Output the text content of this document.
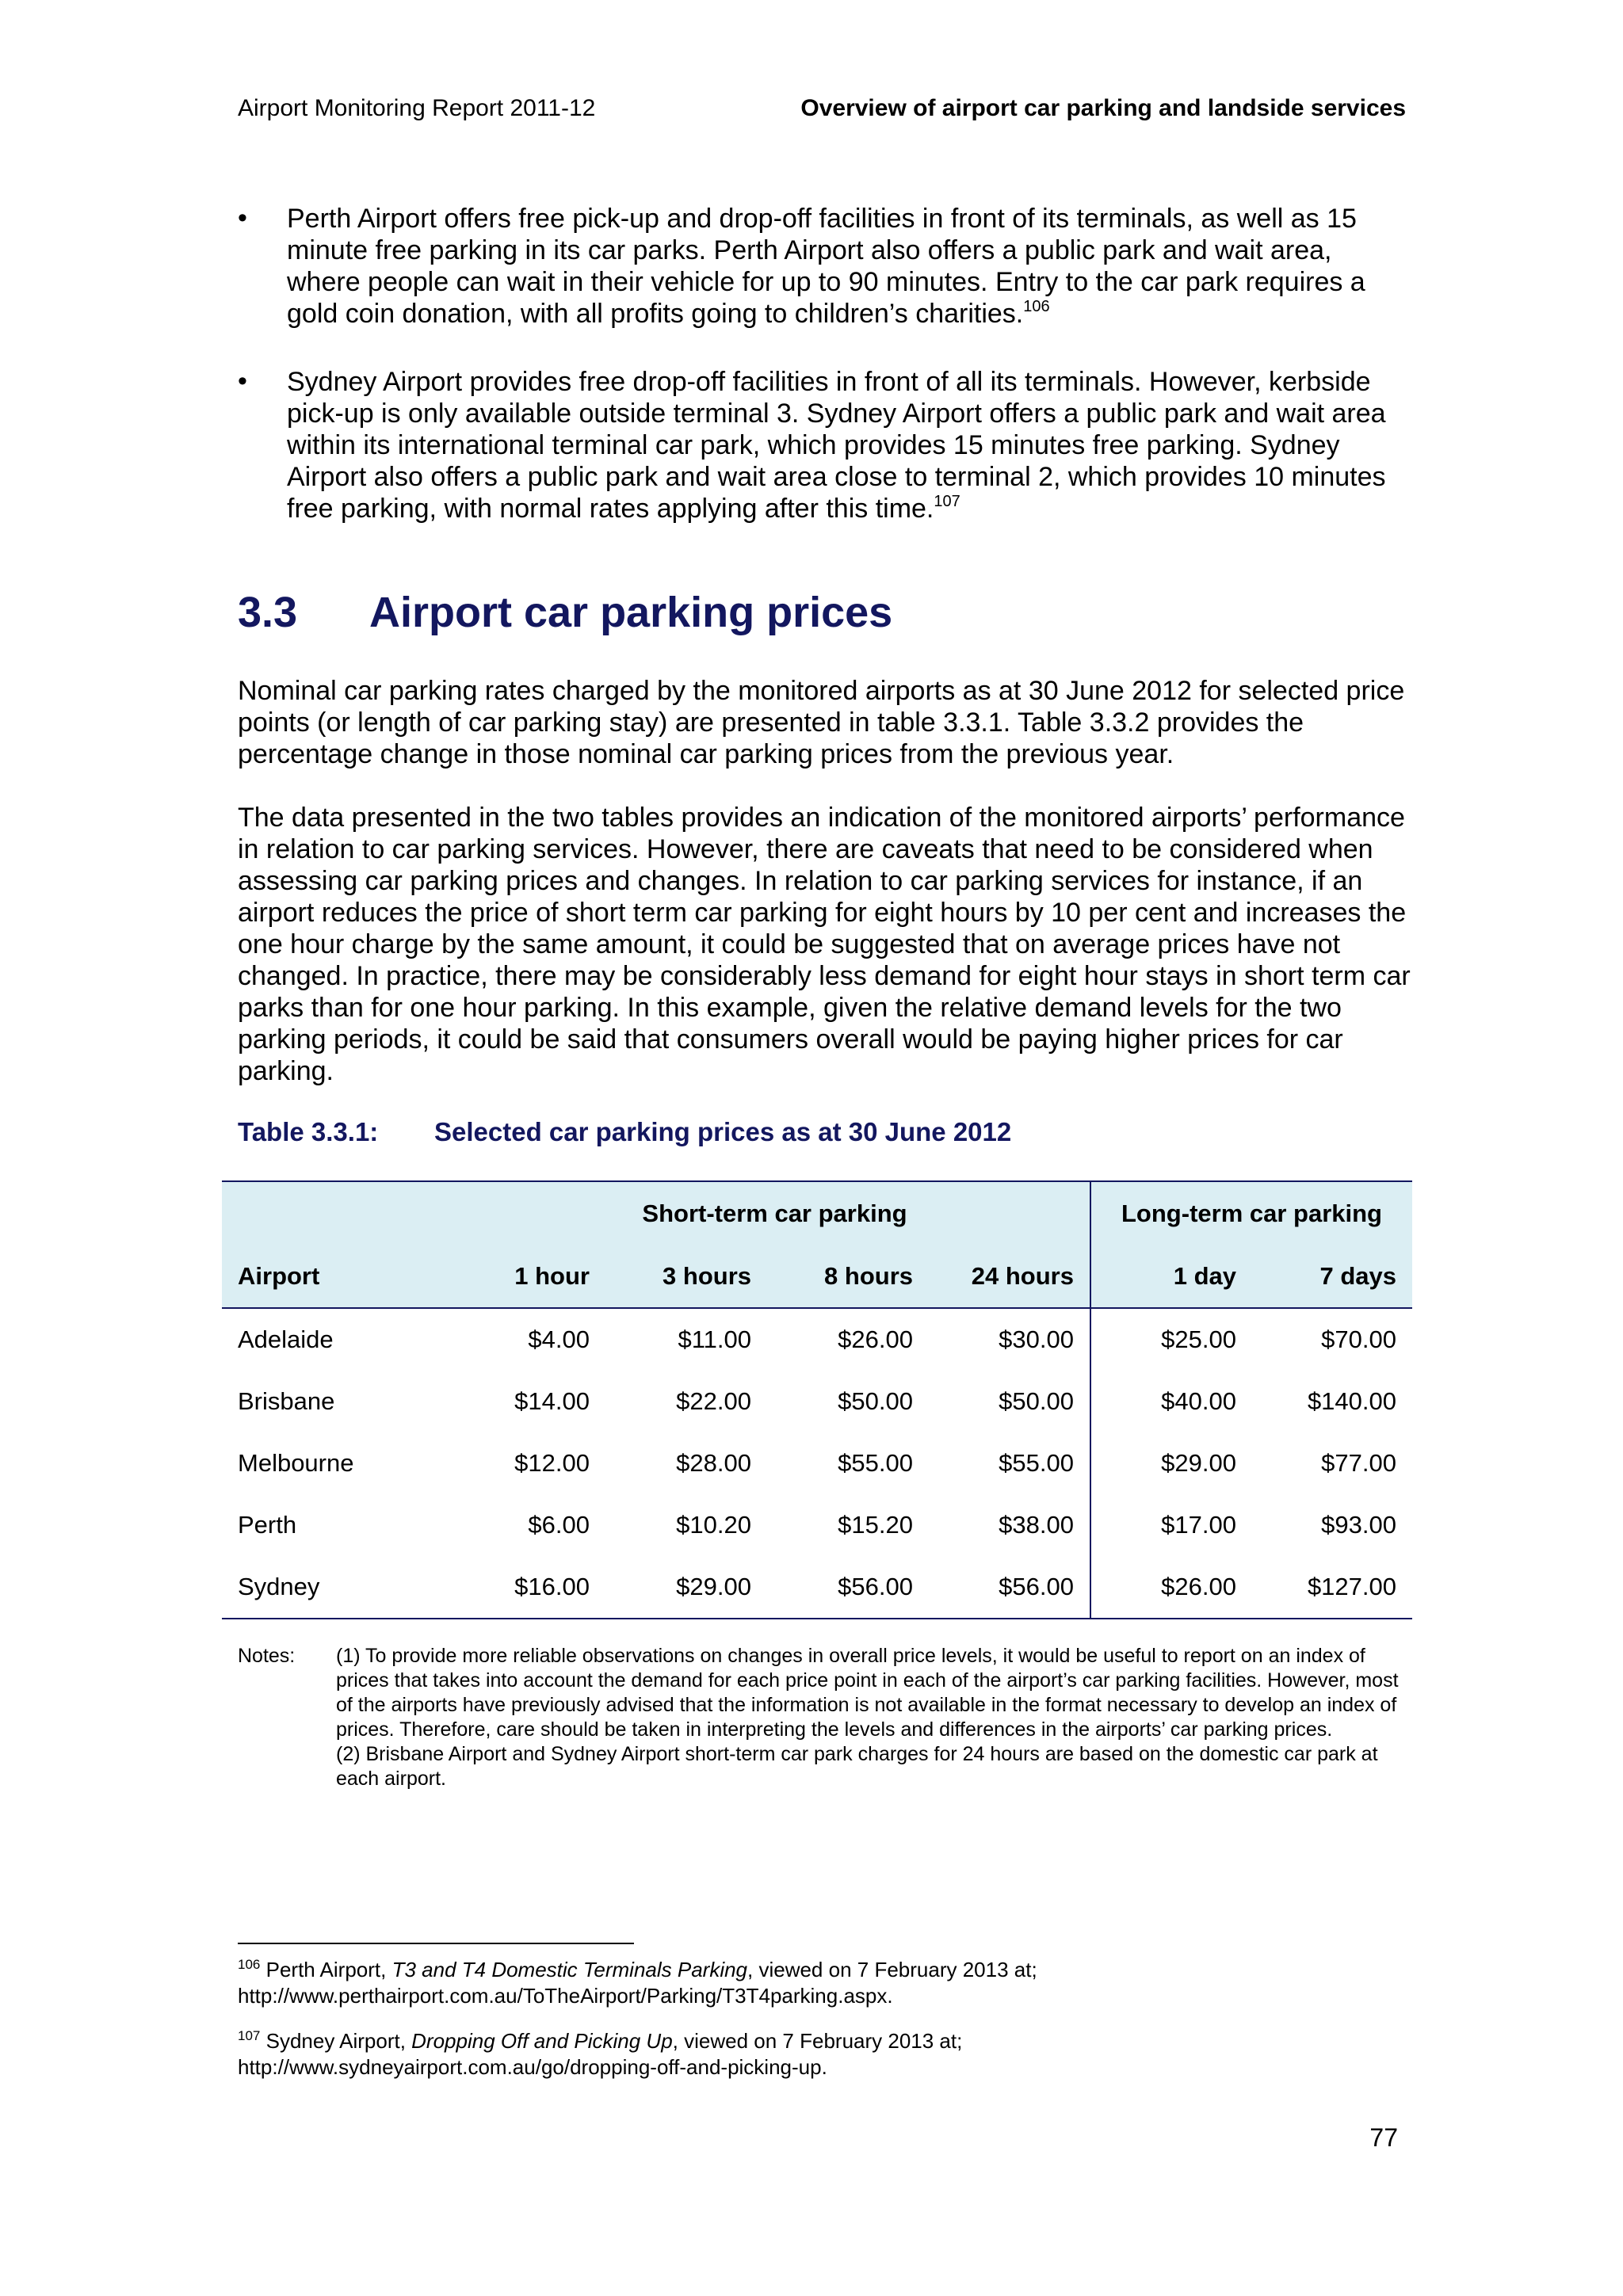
Airport Monitoring Report 2011-12	Overview of airport car parking and landside services
• Perth Airport offers free pick-up and drop-off facilities in front of its terminals, as well as 15 minute free parking in its car parks. Perth Airport also offers a public park and wait area, where people can wait in their vehicle for up to 90 minutes. Entry to the car park requires a gold coin donation, with all profits going to children’s charities.$^{106}$
• Sydney Airport provides free drop-off facilities in front of all its terminals. However, kerbside pick-up is only available outside terminal 3. Sydney Airport offers a public park and wait area within its international terminal car park, which provides 15 minutes free parking. Sydney Airport also offers a public park and wait area close to terminal 2, which provides 10 minutes free parking, with normal rates applying after this time.$^{107}$
3.3 Airport car parking prices
Nominal car parking rates charged by the monitored airports as at 30 June 2012 for selected price points (or length of car parking stay) are presented in table 3.3.1. Table 3.3.2 provides the percentage change in those nominal car parking prices from the previous year.
The data presented in the two tables provides an indication of the monitored airports’ performance in relation to car parking services. However, there are caveats that need to be considered when assessing car parking prices and changes. In relation to car parking services for instance, if an airport reduces the price of short term car parking for eight hours by 10 per cent and increases the one hour charge by the same amount, it could be suggested that on average prices have not changed. In practice, there may be considerably less demand for eight hour stays in short term car parks than for one hour parking. In this example, given the relative demand levels for the two parking periods, it could be said that consumers overall would be paying higher prices for car parking.
Table 3.3.1: Selected car parking prices as at 30 June 2012
	Short-term car parking				Long-term car parking	
Airport	1 hour	3 hours	8 hours	24 hours	1 day	7 days
Adelaide	$4.00	$11.00	$26.00	$30.00	$25.00	$70.00
Brisbane	$14.00	$22.00	$50.00	$50.00	$40.00	$140.00
Melbourne	$12.00	$28.00	$55.00	$55.00	$29.00	$77.00
Perth	$6.00	$10.20	$15.20	$38.00	$17.00	$93.00
Sydney	$16.00	$29.00	$56.00	$56.00	$26.00	$127.00
Notes: (1) To provide more reliable observations on changes in overall price levels, it would be useful to report on an index of prices that takes into account the demand for each price point in each of the airport’s car parking facilities. However, most of the airports have previously advised that the information is not available in the format necessary to develop an index of prices. Therefore, care should be taken in interpreting the levels and differences in the airports’ car parking prices.
(2) Brisbane Airport and Sydney Airport short-term car park charges for 24 hours are based on the domestic car park at each airport.
$^{106}$ Perth Airport, T3 and T4 Domestic Terminals Parking, viewed on 7 February 2013 at;
http://www.perthairport.com.au/ToTheAirport/Parking/T3T4parking.aspx.
$^{107}$ Sydney Airport, Dropping Off and Picking Up, viewed on 7 February 2013 at;
http://www.sydneyairport.com.au/go/dropping-off-and-picking-up.
77
